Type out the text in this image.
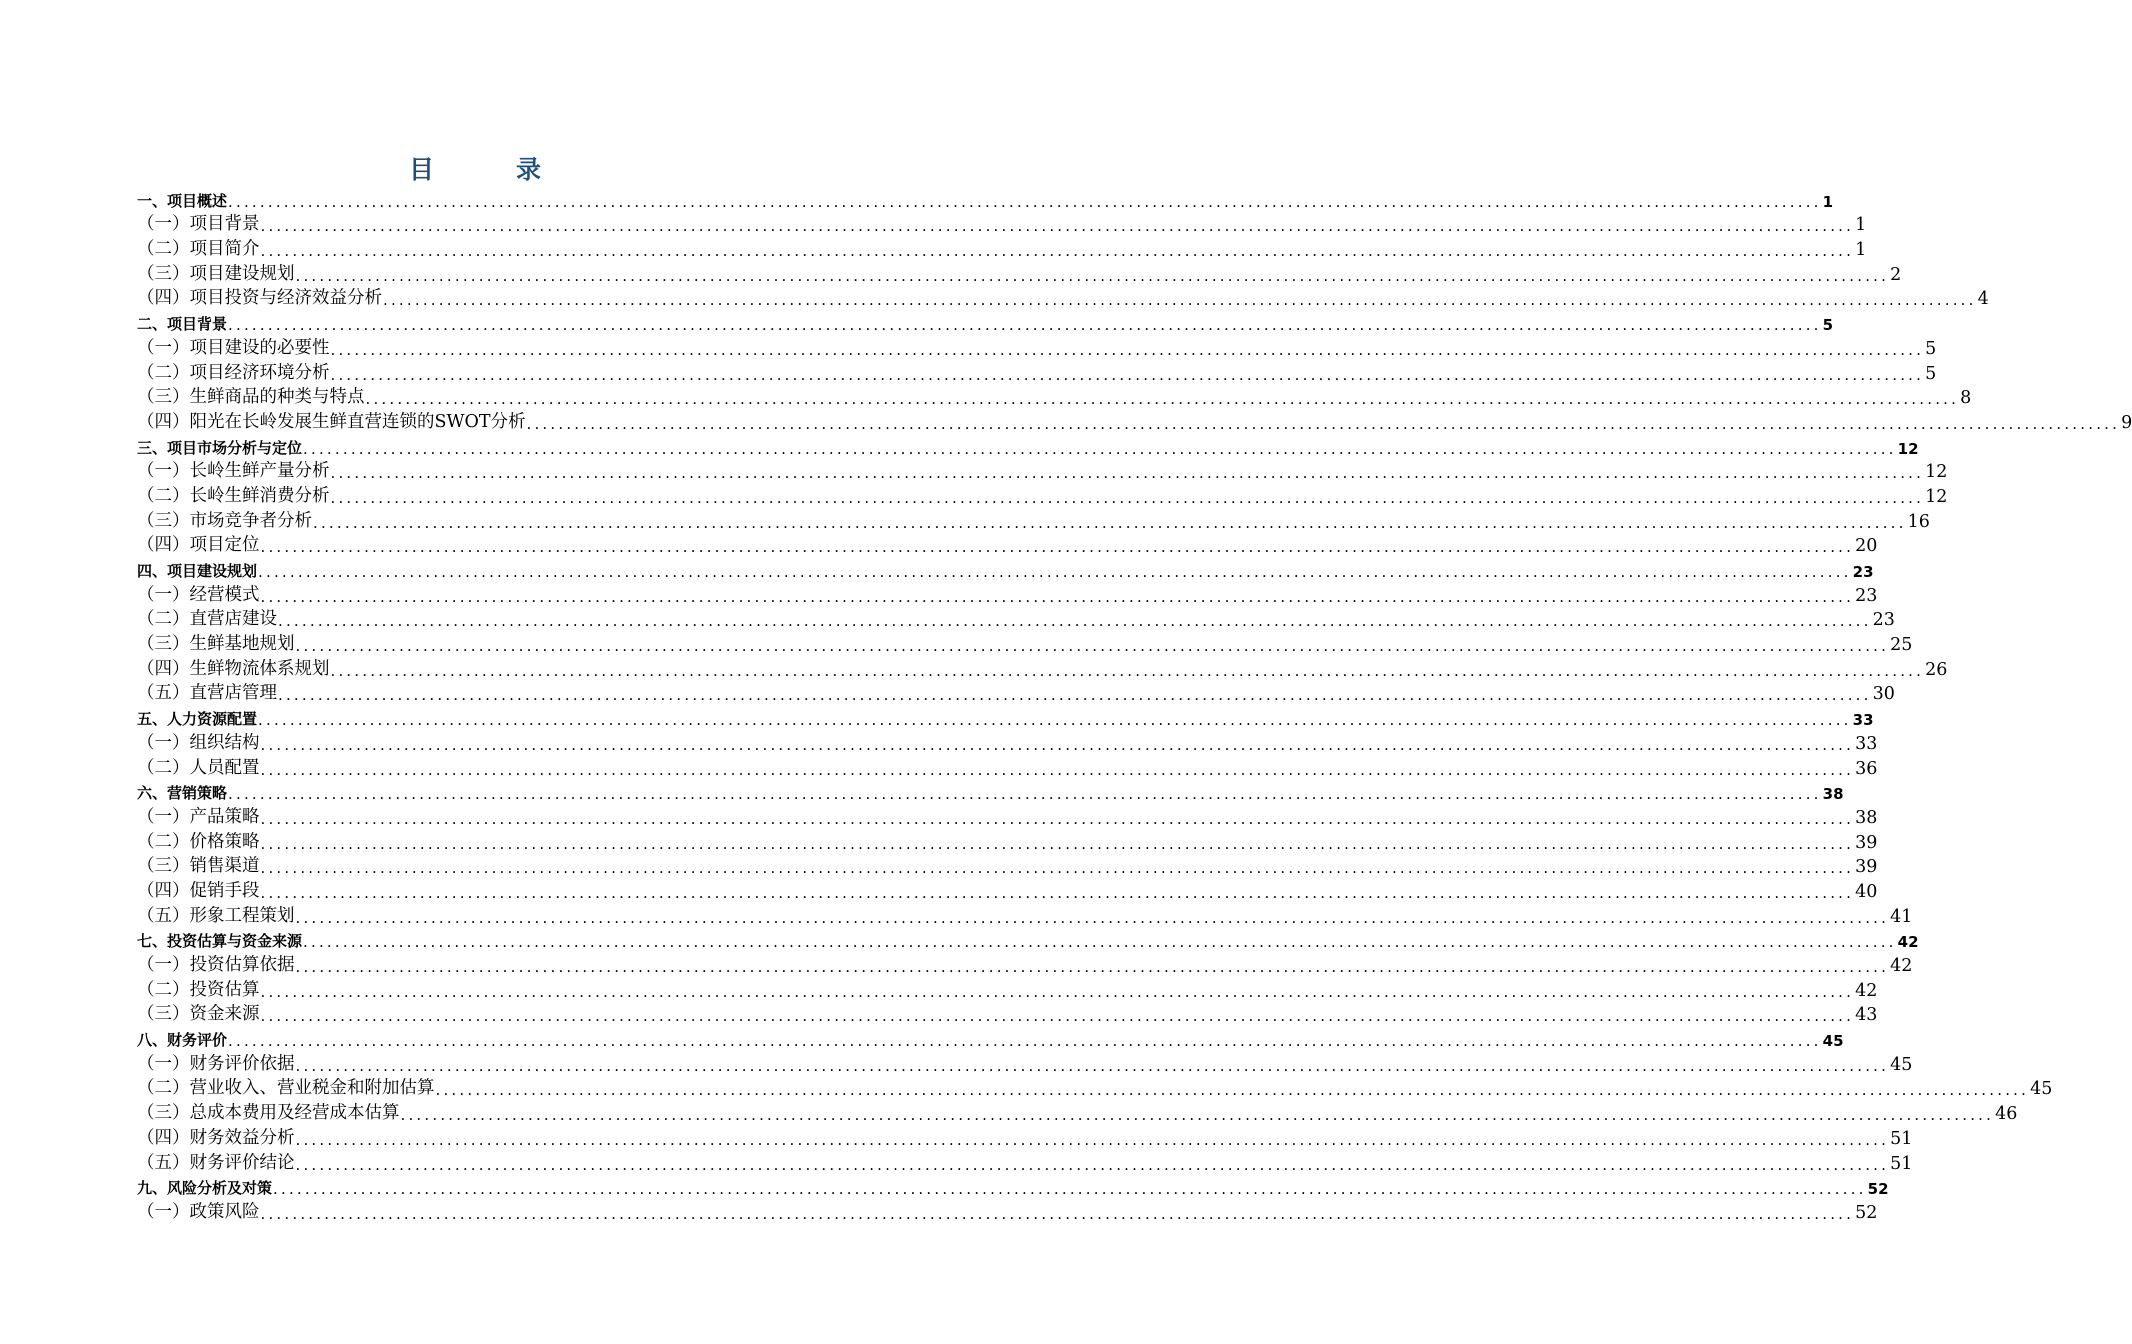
目	录
一、项目概述 ........................................................................................................................................................................................................ 1
（一）项目背景 ........................................................................................................................................................................................................ 1
（二）项目简介 ........................................................................................................................................................................................................ 1
（三）项目建设规划 ........................................................................................................................................................................................................ 2
（四）项目投资与经济效益分析 ........................................................................................................................................................................................................ 4
二、项目背景 ........................................................................................................................................................................................................ 5
（一）项目建设的必要性 ........................................................................................................................................................................................................ 5
（二）项目经济环境分析 ........................................................................................................................................................................................................ 5
（三）生鲜商品的种类与特点 ........................................................................................................................................................................................................ 8
（四）阳光在长岭发展生鲜直营连锁的SWOT分析 ........................................................................................................................................................................................................ 9
三、项目市场分析与定位 ........................................................................................................................................................................................................ 12
（一）长岭生鲜产量分析 ........................................................................................................................................................................................................ 12
（二）长岭生鲜消费分析 ........................................................................................................................................................................................................ 12
（三）市场竞争者分析 ........................................................................................................................................................................................................ 16
（四）项目定位 ........................................................................................................................................................................................................ 20
四、项目建设规划 ........................................................................................................................................................................................................ 23
（一）经营模式 ........................................................................................................................................................................................................ 23
（二）直营店建设 ........................................................................................................................................................................................................ 23
（三）生鲜基地规划 ........................................................................................................................................................................................................ 25
（四）生鲜物流体系规划 ........................................................................................................................................................................................................ 26
（五）直营店管理 ........................................................................................................................................................................................................ 30
五、人力资源配置 ........................................................................................................................................................................................................ 33
（一）组织结构 ........................................................................................................................................................................................................ 33
（二）人员配置 ........................................................................................................................................................................................................ 36
六、营销策略 ........................................................................................................................................................................................................ 38
（一）产品策略 ........................................................................................................................................................................................................ 38
（二）价格策略 ........................................................................................................................................................................................................ 39
（三）销售渠道 ........................................................................................................................................................................................................ 39
（四）促销手段 ........................................................................................................................................................................................................ 40
（五）形象工程策划 ........................................................................................................................................................................................................ 41
七、投资估算与资金来源 ........................................................................................................................................................................................................ 42
（一）投资估算依据 ........................................................................................................................................................................................................ 42
（二）投资估算 ........................................................................................................................................................................................................ 42
（三）资金来源 ........................................................................................................................................................................................................ 43
八、财务评价 ........................................................................................................................................................................................................ 45
（一）财务评价依据 ........................................................................................................................................................................................................ 45
（二）营业收入、营业税金和附加估算 ........................................................................................................................................................................................................ 45
（三）总成本费用及经营成本估算 ........................................................................................................................................................................................................ 46
（四）财务效益分析 ........................................................................................................................................................................................................ 51
（五）财务评价结论 ........................................................................................................................................................................................................ 51
九、风险分析及对策 ........................................................................................................................................................................................................ 52
（一）政策风险 ........................................................................................................................................................................................................ 52
